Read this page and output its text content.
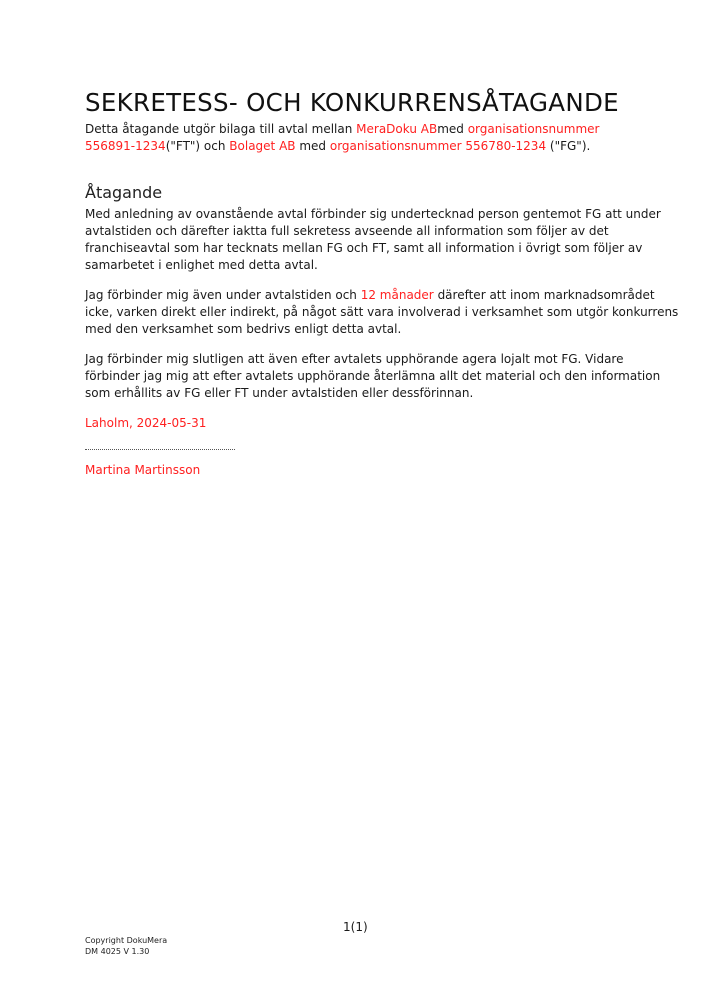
SEKRETESS- OCH KONKURRENSÅTAGANDE
Detta åtagande utgör bilaga till avtal mellan MeraDoku ABmed organisationsnummer
556891-1234("FT") och Bolaget AB med organisationsnummer 556780-1234 ("FG").
Åtagande
Med anledning av ovanstående avtal förbinder sig undertecknad person gentemot FG att under
avtalstiden och därefter iaktta full sekretess avseende all information som följer av det
franchiseavtal som har tecknats mellan FG och FT, samt all information i övrigt som följer av
samarbetet i enlighet med detta avtal.
Jag förbinder mig även under avtalstiden och 12 månader därefter att inom marknadsområdet
icke, varken direkt eller indirekt, på något sätt vara involverad i verksamhet som utgör konkurrens
med den verksamhet som bedrivs enligt detta avtal.
Jag förbinder mig slutligen att även efter avtalets upphörande agera lojalt mot FG. Vidare
förbinder jag mig att efter avtalets upphörande återlämna allt det material och den information
som erhållits av FG eller FT under avtalstiden eller dessförinnan.
Laholm, 2024-05-31
Martina Martinsson
1(1)
Copyright DokuMera
DM 4025 V 1.30
